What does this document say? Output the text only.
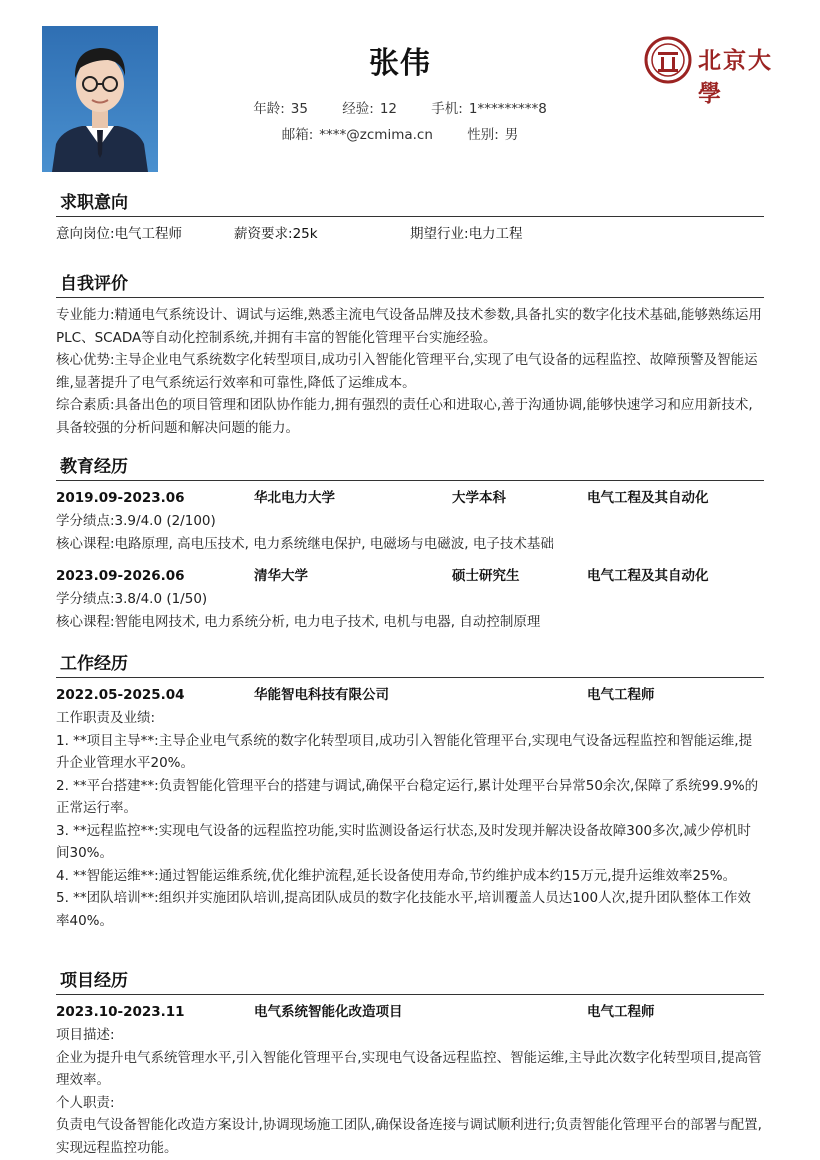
张伟
年龄: 35	经验: 12	手机: 1*********8
邮箱: ****@zcmima.cn	性别: 男
北京大學
求职意向
意向岗位:电气工程师	薪资要求:25k	期望行业:电力工程
自我评价
专业能力:精通电气系统设计、调试与运维,熟悉主流电气设备品牌及技术参数,具备扎实的数字化技术基础,能够熟练运用PLC、SCADA等自动化控制系统,并拥有丰富的智能化管理平台实施经验。
核心优势:主导企业电气系统数字化转型项目,成功引入智能化管理平台,实现了电气设备的远程监控、故障预警及智能运维,显著提升了电气系统运行效率和可靠性,降低了运维成本。
综合素质:具备出色的项目管理和团队协作能力,拥有强烈的责任心和进取心,善于沟通协调,能够快速学习和应用新技术,具备较强的分析问题和解决问题的能力。
教育经历
2019.09-2023.06	华北电力大学	大学本科	电气工程及其自动化
学分绩点:3.9/4.0 (2/100)
核心课程:电路原理, 高电压技术, 电力系统继电保护, 电磁场与电磁波, 电子技术基础
2023.09-2026.06	清华大学	硕士研究生	电气工程及其自动化
学分绩点:3.8/4.0 (1/50)
核心课程:智能电网技术, 电力系统分析, 电力电子技术, 电机与电器, 自动控制原理
工作经历
2022.05-2025.04	华能智电科技有限公司	电气工程师
工作职责及业绩:
1. **项目主导**:主导企业电气系统的数字化转型项目,成功引入智能化管理平台,实现电气设备远程监控和智能运维,提升企业管理水平20%。
2. **平台搭建**:负责智能化管理平台的搭建与调试,确保平台稳定运行,累计处理平台异常50余次,保障了系统99.9%的正常运行率。
3. **远程监控**:实现电气设备的远程监控功能,实时监测设备运行状态,及时发现并解决设备故障300多次,减少停机时间30%。
4. **智能运维**:通过智能运维系统,优化维护流程,延长设备使用寿命,节约维护成本约15万元,提升运维效率25%。
5. **团队培训**:组织并实施团队培训,提高团队成员的数字化技能水平,培训覆盖人员达100人次,提升团队整体工作效率40%。
项目经历
2023.10-2023.11	电气系统智能化改造项目	电气工程师
项目描述:
企业为提升电气系统管理水平,引入智能化管理平台,实现电气设备远程监控、智能运维,主导此次数字化转型项目,提高管理效率。
个人职责:
负责电气设备智能化改造方案设计,协调现场施工团队,确保设备连接与调试顺利进行;负责智能化管理平台的部署与配置,实现远程监控功能。
